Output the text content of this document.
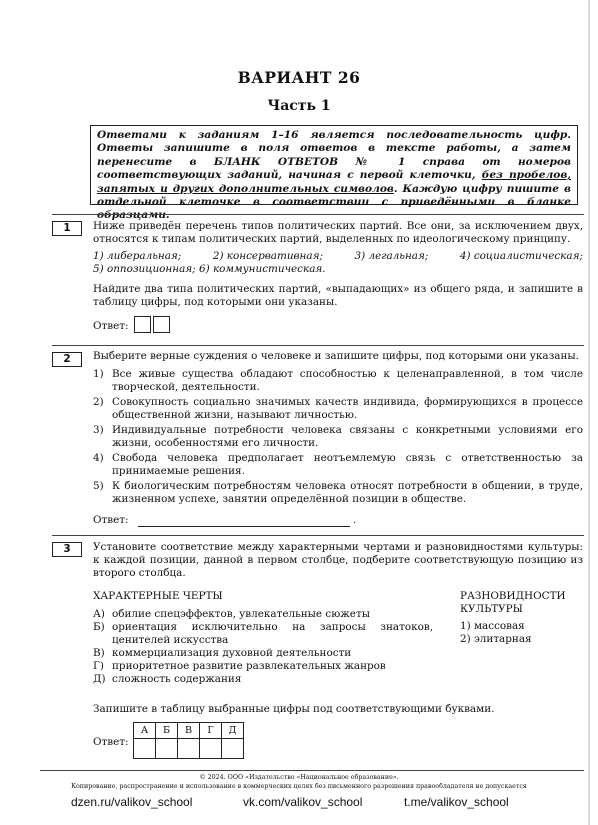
ВАРИАНТ 26
Часть 1
Ответами к заданиям 1–16 является последовательность цифр. Ответы запишите в поля ответов в тексте работы, а затем перенесите в БЛАНК ОТВЕТОВ № 1 справа от номеров соответствующих заданий, начиная с первой клеточки, без пробелов, запятых и других дополнительных символов. Каждую цифру пишите в отдельной клеточке в соответствии с приведёнными в бланке образцами.
1	Ниже приведён перечень типов политических партий. Все они, за исключением двух, относятся к типам политических партий, выделенных по идеологическому принципу.
1) либеральная;	2) консервативная;	3) легальная;	4) социалистическая;
5) оппозиционная; 6) коммунистическая.
Найдите два типа политических партий, «выпадающих» из общего ряда, и запишите в таблицу цифры, под которыми они указаны.
Ответ:
2	Выберите верные суждения о человеке и запишите цифры, под которыми они указаны.
1) Все живые существа обладают способностью к целенаправленной, в том числе творческой, деятельности.
2) Совокупность социально значимых качеств индивида, формирующихся в процессе общественной жизни, называют личностью.
3) Индивидуальные потребности человека связаны с конкретными условиями его жизни, особенностями его личности.
4) Свобода человека предполагает неотъемлемую связь с ответственностью за принимаемые решения.
5) К биологическим потребностям человека относят потребности в общении, в труде, жизненном успехе, занятии определённой позиции в обществе.
Ответ:	.
3	Установите соответствие между характерными чертами и разновидностями культуры: к каждой позиции, данной в первом столбце, подберите соответствующую позицию из второго столбца.
ХАРАКТЕРНЫЕ ЧЕРТЫ	РАЗНОВИДНОСТИ
КУЛЬТУРЫ
А) обилие спецэффектов, увлекательные сюжеты
Б) ориентация исключительно на запросы знатоков, ценителей искусства
В) коммерциализация духовной деятельности
Г) приоритетное развитие развлекательных жанров
Д) сложность содержания
1) массовая
2) элитарная
Запишите в таблицу выбранные цифры под соответствующими буквами.
Ответ:
А	Б	В	Г	Д

© 2024. ООО «Издательство «Национальное образование».
Копирование, распространение и использование в коммерческих целях без письменного разрешения правообладателя не допускается
dzen.ru/valikov_school	vk.com/valikov_school	t.me/valikov_school
